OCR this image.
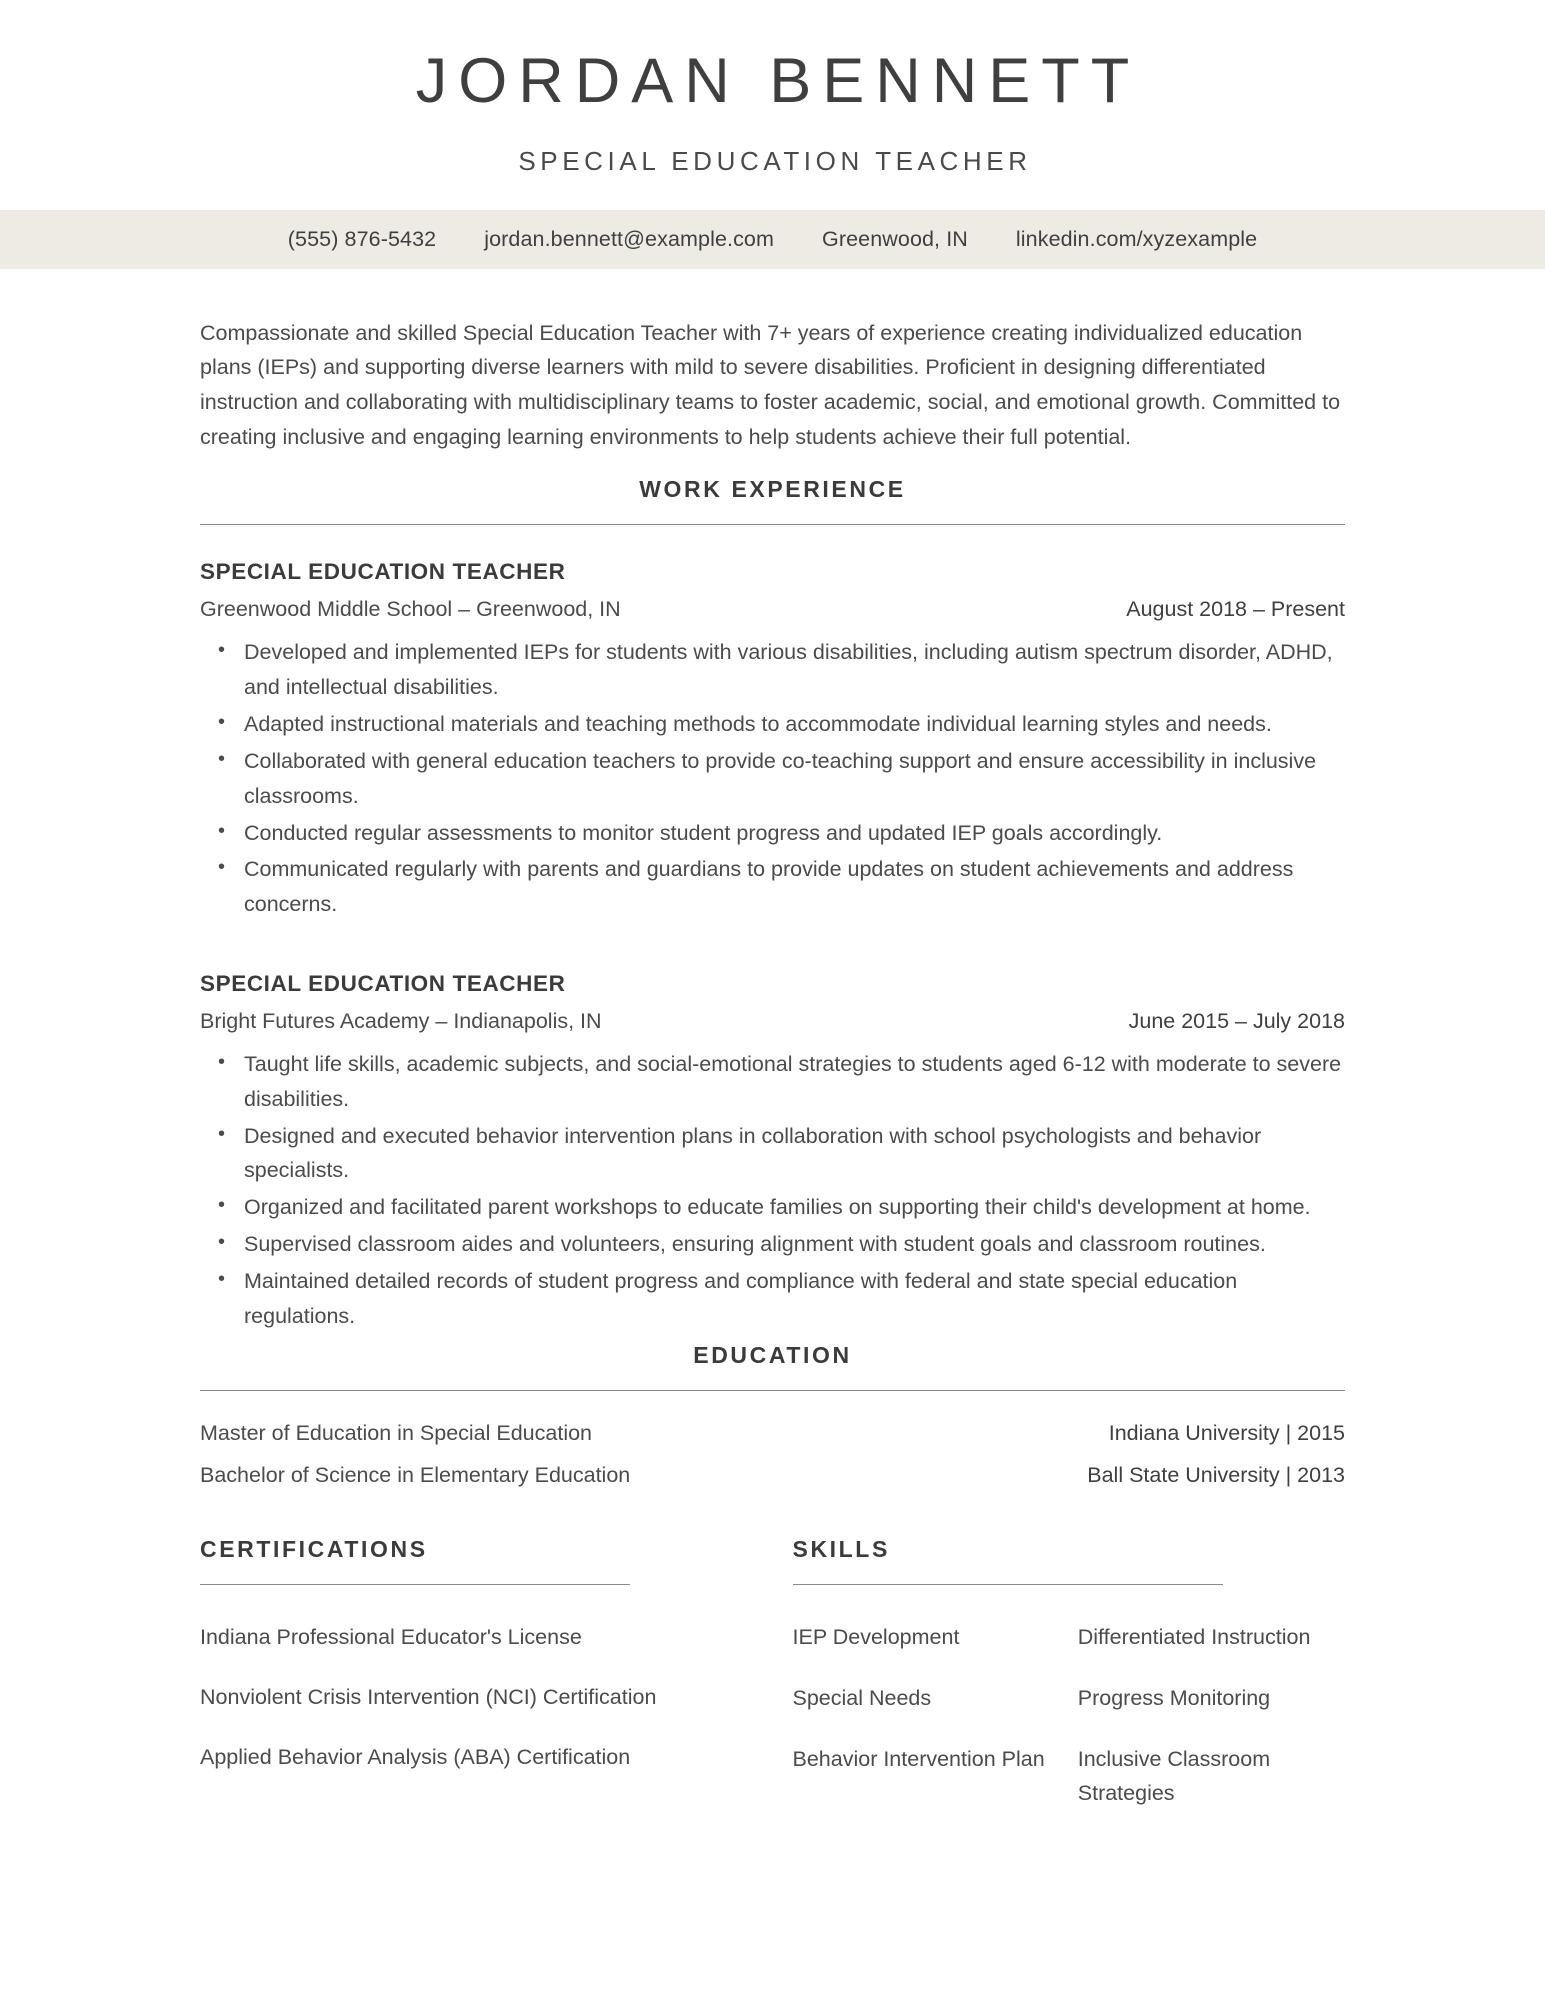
JORDAN BENNETT
SPECIAL EDUCATION TEACHER
(555) 876-5432	jordan.bennett@example.com	Greenwood, IN	linkedin.com/xyzexample

Compassionate and skilled Special Education Teacher with 7+ years of experience creating individualized education plans (IEPs) and supporting diverse learners with mild to severe disabilities. Proficient in designing differentiated instruction and collaborating with multidisciplinary teams to foster academic, social, and emotional growth. Committed to creating inclusive and engaging learning environments to help students achieve their full potential.

WORK EXPERIENCE
SPECIAL EDUCATION TEACHER
Greenwood Middle School – Greenwood, IN	August 2018 – Present
• Developed and implemented IEPs for students with various disabilities, including autism spectrum disorder, ADHD, and intellectual disabilities.
• Adapted instructional materials and teaching methods to accommodate individual learning styles and needs.
• Collaborated with general education teachers to provide co-teaching support and ensure accessibility in inclusive classrooms.
• Conducted regular assessments to monitor student progress and updated IEP goals accordingly.
• Communicated regularly with parents and guardians to provide updates on student achievements and address concerns.
SPECIAL EDUCATION TEACHER
Bright Futures Academy – Indianapolis, IN	June 2015 – July 2018
• Taught life skills, academic subjects, and social-emotional strategies to students aged 6-12 with moderate to severe disabilities.
• Designed and executed behavior intervention plans in collaboration with school psychologists and behavior specialists.
• Organized and facilitated parent workshops to educate families on supporting their child's development at home.
• Supervised classroom aides and volunteers, ensuring alignment with student goals and classroom routines.
• Maintained detailed records of student progress and compliance with federal and state special education regulations.
EDUCATION
Master of Education in Special Education	Indiana University | 2015
Bachelor of Science in Elementary Education	Ball State University | 2013
CERTIFICATIONS
Indiana Professional Educator's License
Nonviolent Crisis Intervention (NCI) Certification
Applied Behavior Analysis (ABA) Certification
SKILLS
IEP Development	Differentiated Instruction
Special Needs	Progress Monitoring
Behavior Intervention Plan	Inclusive Classroom Strategies
